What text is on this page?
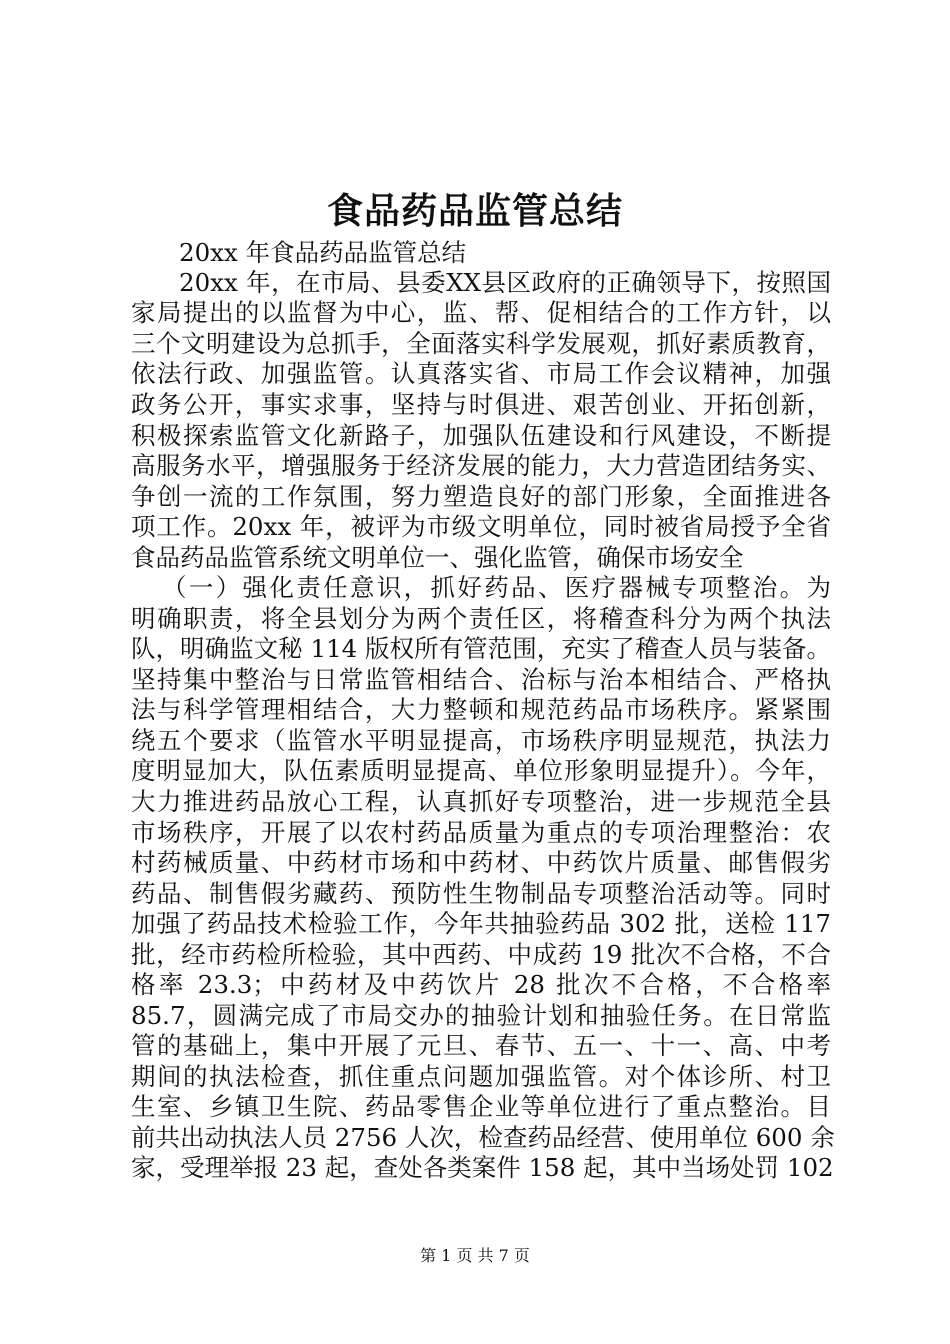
食品药品监管总结
20xx 年食品药品监管总结
20xx 年，在市局、县委XX县区政府的正确领导下，按照国
家局提出的以监督为中心，监、帮、促相结合的工作方针，以
三个文明建设为总抓手，全面落实科学发展观，抓好素质教育，
依法行政、加强监管。认真落实省、市局工作会议精神，加强
政务公开，事实求事，坚持与时俱进、艰苦创业、开拓创新，
积极探索监管文化新路子，加强队伍建设和行风建设，不断提
高服务水平，增强服务于经济发展的能力，大力营造团结务实、
争创一流的工作氛围，努力塑造良好的部门形象，全面推进各
项工作。20xx 年，被评为市级文明单位，同时被省局授予全省
食品药品监管系统文明单位一、强化监管，确保市场安全
（一）强化责任意识，抓好药品、医疗器械专项整治。为
明确职责，将全县划分为两个责任区，将稽查科分为两个执法
队，明确监文秘 114 版权所有管范围，充实了稽查人员与装备。
坚持集中整治与日常监管相结合、治标与治本相结合、严格执
法与科学管理相结合，大力整顿和规范药品市场秩序。紧紧围
绕五个要求（监管水平明显提高，市场秩序明显规范，执法力
度明显加大，队伍素质明显提高、单位形象明显提升）。今年，
大力推进药品放心工程，认真抓好专项整治，进一步规范全县
市场秩序，开展了以农村药品质量为重点的专项治理整治：农
村药械质量、中药材市场和中药材、中药饮片质量、邮售假劣
药品、制售假劣藏药、预防性生物制品专项整治活动等。同时
加强了药品技术检验工作，今年共抽验药品 302 批，送检 117
批，经市药检所检验，其中西药、中成药 19 批次不合格，不合
格率 23.3；中药材及中药饮片 28 批次不合格，不合格率
85.7，圆满完成了市局交办的抽验计划和抽验任务。在日常监
管的基础上，集中开展了元旦、春节、五一、十一、高、中考
期间的执法检查，抓住重点问题加强监管。对个体诊所、村卫
生室、乡镇卫生院、药品零售企业等单位进行了重点整治。目
前共出动执法人员 2756 人次，检查药品经营、使用单位 600 余
家，受理举报 23 起，查处各类案件 158 起，其中当场处罚 102
第 1 页 共 7 页
